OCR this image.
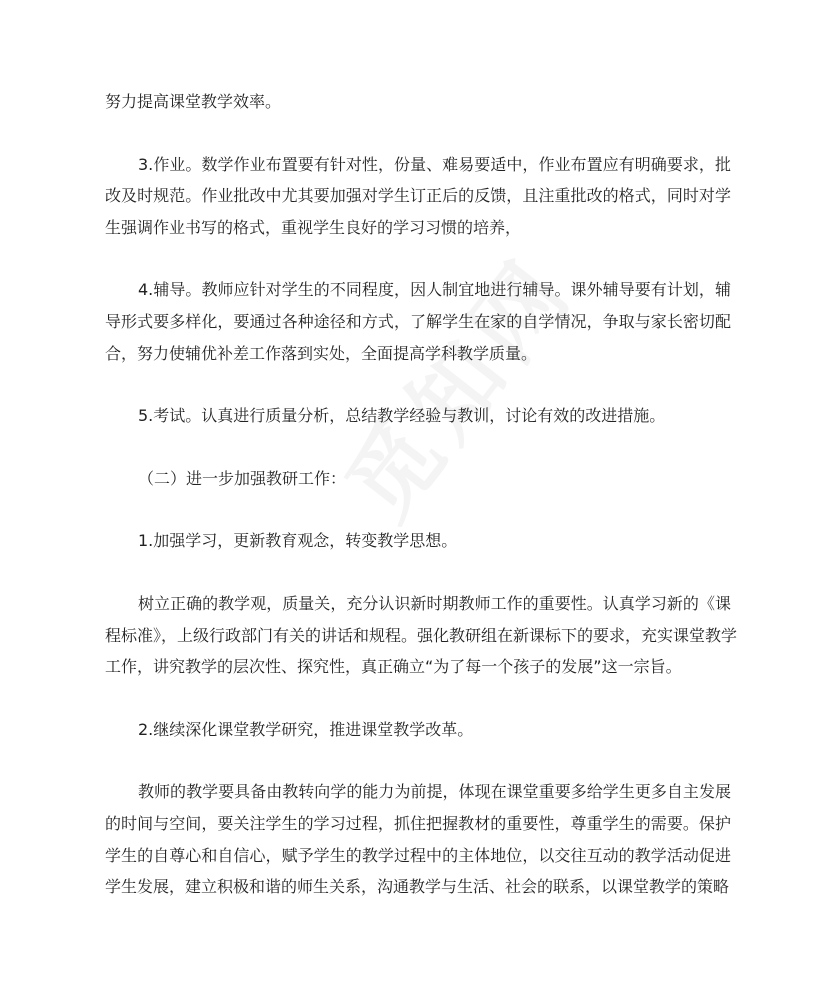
努力提高课堂教学效率。
3.作业。数学作业布置要有针对性，份量、难易要适中，作业布置应有明确要求，批
改及时规范。作业批改中尤其要加强对学生订正后的反馈，且注重批改的格式，同时对学
生强调作业书写的格式，重视学生良好的学习习惯的培养，
4.辅导。教师应针对学生的不同程度，因人制宜地进行辅导。课外辅导要有计划，辅
导形式要多样化，要通过各种途径和方式，了解学生在家的自学情况，争取与家长密切配
合，努力使辅优补差工作落到实处，全面提高学科教学质量。
5.考试。认真进行质量分析，总结教学经验与教训，讨论有效的改进措施。
（二）进一步加强教研工作：
1.加强学习，更新教育观念，转变教学思想。
树立正确的教学观，质量关，充分认识新时期教师工作的重要性。认真学习新的《课
程标准》，上级行政部门有关的讲话和规程。强化教研组在新课标下的要求，充实课堂教学
工作，讲究教学的层次性、探究性，真正确立“为了每一个孩子的发展”这一宗旨。
2.继续深化课堂教学研究，推进课堂教学改革。
教师的教学要具备由教转向学的能力为前提，体现在课堂重要多给学生更多自主发展
的时间与空间，要关注学生的学习过程，抓住把握教材的重要性，尊重学生的需要。保护
学生的自尊心和自信心，赋予学生的教学过程中的主体地位，以交往互动的教学活动促进
学生发展，建立积极和谐的师生关系，沟通教学与生活、社会的联系，以课堂教学的策略
